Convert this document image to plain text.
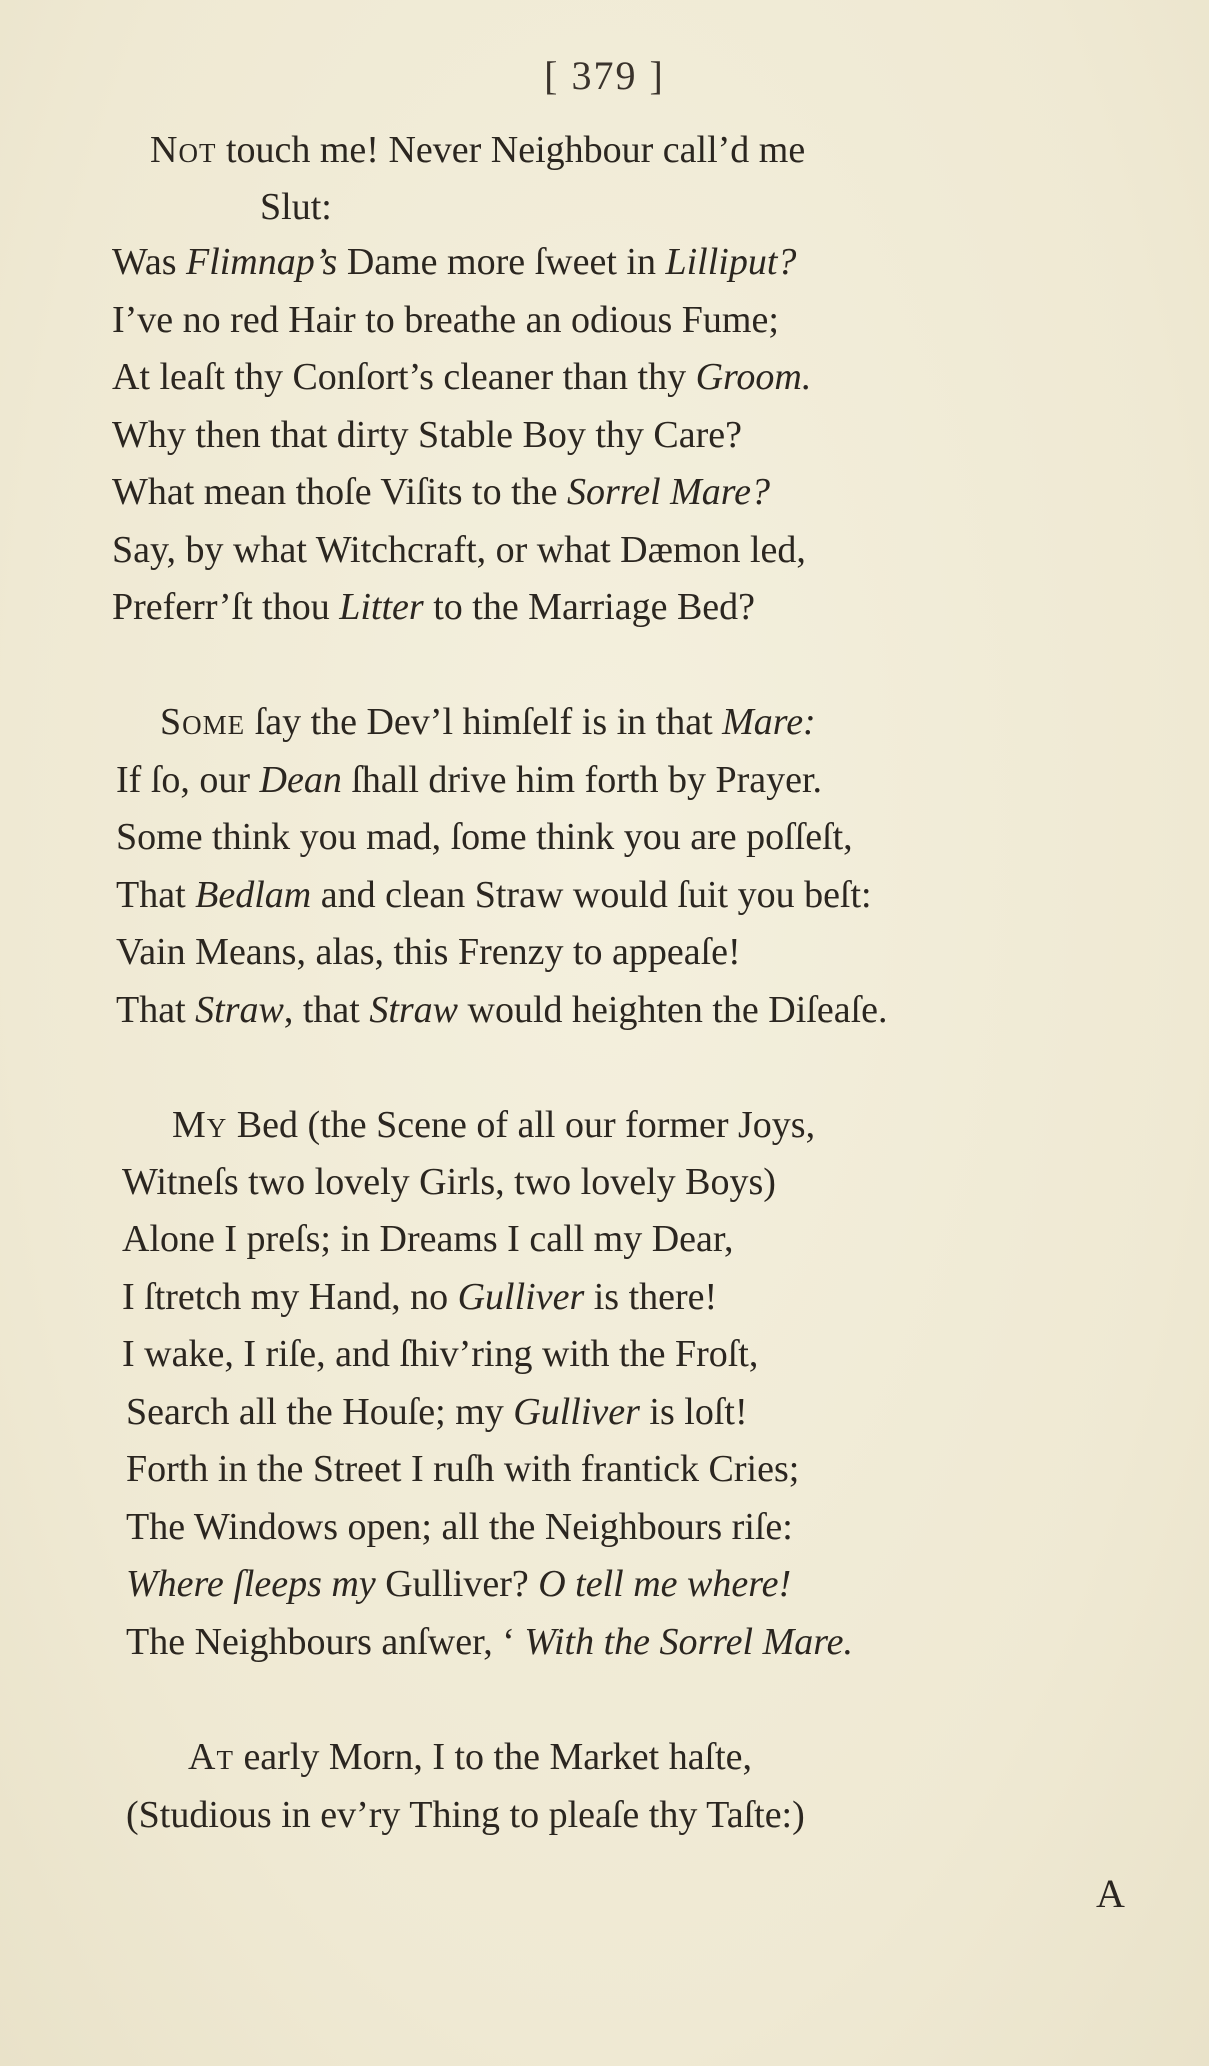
[ 379 ]
Not touch me! Never Neighbour call’d me
Slut:
Was Flimnap’s Dame more ſweet in Lilliput?
I’ve no red Hair to breathe an odious Fume;
At leaſt thy Conſort’s cleaner than thy Groom.
Why then that dirty Stable Boy thy Care?
What mean thoſe Viſits to the Sorrel Mare?
Say, by what Witchcraft, or what Dæmon led,
Preferr’ſt thou Litter to the Marriage Bed?
Some ſay the Dev’l himſelf is in that Mare:
If ſo, our Dean ſhall drive him forth by Prayer.
Some think you mad, ſome think you are poſſeſt,
That Bedlam and clean Straw would ſuit you beſt:
Vain Means, alas, this Frenzy to appeaſe!
That Straw, that Straw would heighten the Diſeaſe.
My Bed (the Scene of all our former Joys,
Witneſs two lovely Girls, two lovely Boys)
Alone I preſs; in Dreams I call my Dear,
I ſtretch my Hand, no Gulliver is there!
I wake, I riſe, and ſhiv’ring with the Froſt,
Search all the Houſe; my Gulliver is loſt!
Forth in the Street I ruſh with frantick Cries;
The Windows open; all the Neighbours riſe:
Where ſleeps my Gulliver? O tell me where!
The Neighbours anſwer, ‘ With the Sorrel Mare.
At early Morn, I to the Market haſte,
(Studious in ev’ry Thing to pleaſe thy Taſte:)
A
